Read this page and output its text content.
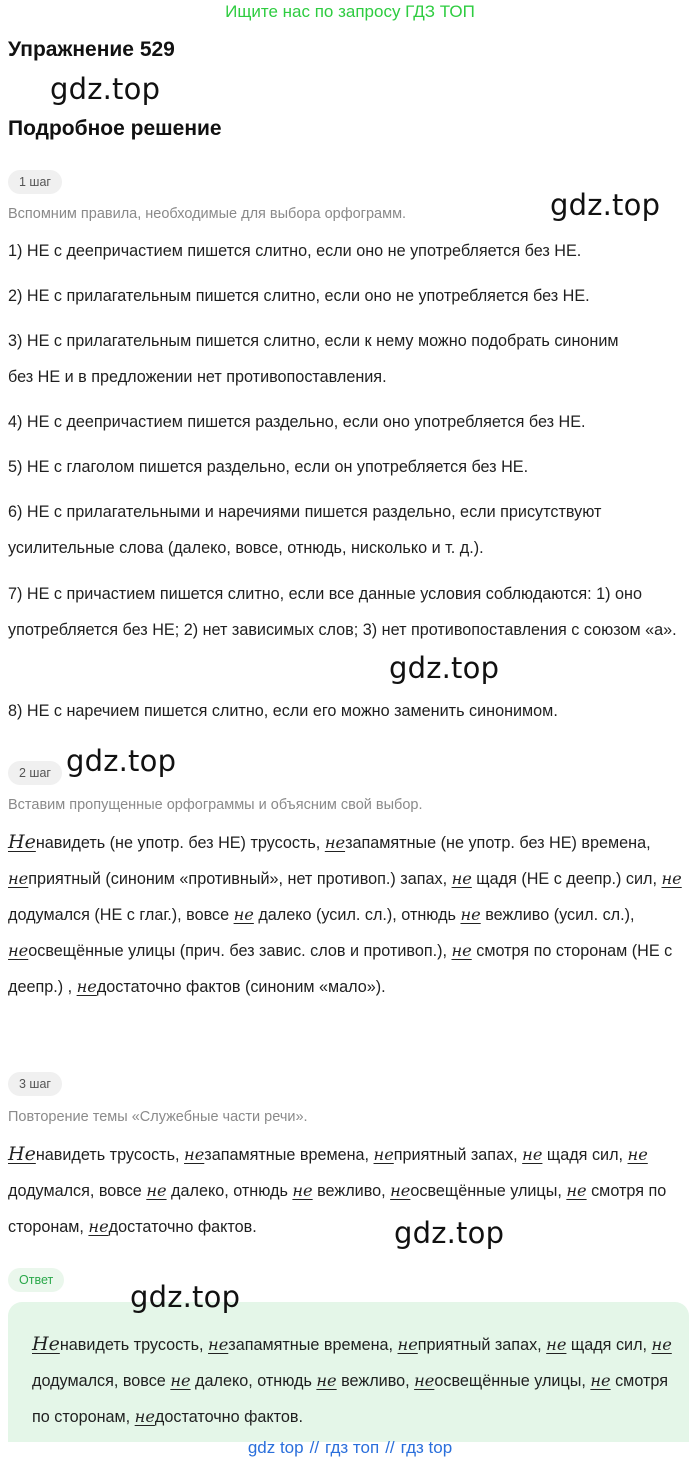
Ищите нас по запросу ГДЗ ТОП
Упражнение 529
gdz.top
Подробное решение
1 шаг
Вспомним правила, необходимые для выбора орфограмм.	gdz.top
1) НЕ с деепричастием пишется слитно, если оно не употребляется без НЕ.
2) НЕ с прилагательным пишется слитно, если оно не употребляется без НЕ.
3) НЕ с прилагательным пишется слитно, если к нему можно подобрать синоним без НЕ и в предложении нет противопоставления.
4) НЕ с деепричастием пишется раздельно, если оно употребляется без НЕ.
5) НЕ с глаголом пишется раздельно, если он употребляется без НЕ.
6) НЕ с прилагательными и наречиями пишется раздельно, если присутствуют усилительные слова (далеко, вовсе, отнюдь, нисколько и т. д.).
7) НЕ с причастием пишется слитно, если все данные условия соблюдаются: 1) оно употребляется без НЕ; 2) нет зависимых слов; 3) нет противопоставления с союзом «а».
gdz.top
8) НЕ с наречием пишется слитно, если его можно заменить синонимом.
2 шаг gdz.top
Вставим пропущенные орфограммы и объясним свой выбор.
Ненавидеть (не употр. без НЕ) трусость, незапамятные (не употр. без НЕ) времена, неприятный (синоним «противный», нет противоп.) запах, не щадя (НЕ с деепр.) сил, не додумался (НЕ с глаг.), вовсе не далеко (усил. сл.), отнюдь не вежливо (усил. сл.), неосвещённые улицы (прич. без завис. слов и противоп.), не смотря по сторонам (НЕ с деепр.) , недостаточно фактов (синоним «мало»).
3 шаг
Повторение темы «Служебные части речи».
Ненавидеть трусость, незапамятные времена, неприятный запах, не щадя сил, не додумался, вовсе не далеко, отнюдь не вежливо, неосвещённые улицы, не смотря по сторонам, недостаточно фактов.	gdz.top
Ответ	gdz.top
Ненавидеть трусость, незапамятные времена, неприятный запах, не щадя сил, не додумался, вовсе не далеко, отнюдь не вежливо, неосвещённые улицы, не смотря по сторонам, недостаточно фактов.
gdz top // гдз топ // гдз top
